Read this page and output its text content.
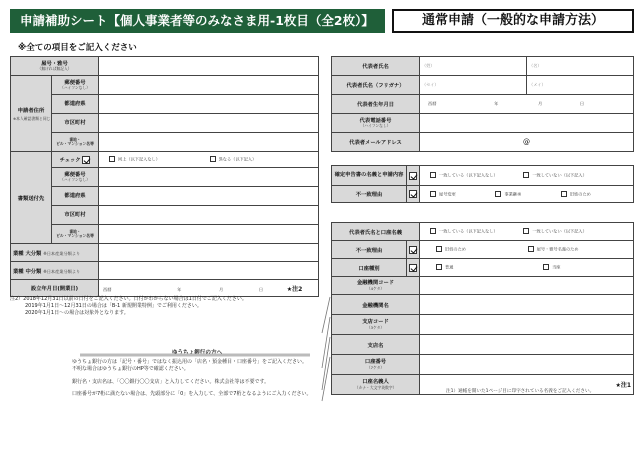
申請補助シート【個人事業者等のみなさま用-1枚目（全2枚）】	通常申請（一般的な申請方法）
※全ての項目をご記入ください
屋号・雅号
（無ければ無記入）		

申請者住所
※本人確認書類と同じ	郵便番号
（ハイフンなし）	

	都道府県	
	市区町村	

	番地・
ビル・マンション名等	

書類送付先	チェック	同上（以下記入なし） 異なる（以下記入）
	郵便番号
（ハイフンなし）	

	都道府県	
	市区町村	

	番地・
ビル・マンション名等	

業種 大分類 ※日本産業分類より		
業種 中分類 ※日本産業分類より		
設立年月日(開業日)		西暦 年 月 日 ★注2
代表者氏名	（姓）	（名）
代表者氏名（フリガナ）	（セイ）	（メイ）
代表者生年月日	西暦 年 月 日	
代表電話番号
（ハイフンなし）		

代表者メールアドレス	@	
確定申告書の名義と申請内容		一致している（以下記入なし） 一致していない（以下記入）
不一致理由		屋号変更 事業継承 旧姓のため
代表者氏名と口座名義		一致している（以下記入なし） 一致していない（以下記入）
不一致理由		旧姓のため 屋号・雅号名義のため
口座種別		普通 当座
金融機関コード
（4ケタ）		

金融機関名		
支店コード
（3ケタ）		

支店名		
口座番号
（7ケタ）		

口座名義人
（カナ・大文字英数字）		★注1
注2）2018年12月31日以前の日付をご記入ください。日付がわからない場合は1日付でご記入ください。
　　　2019年1月1日～12月31日の場合は「B-1 新規開業特例」でご利用ください。
　　　2020年1月1日～の場合は対象外となります。
ゆうちょ銀行の方へ
ゆうちょ銀行の方は「記号・番号」ではなく振込用の「店名・預金種目・口座番号」をご記入ください。
不明な場合はゆうちょ銀行のHP等で確認ください。
銀行名・支店名は、「〇〇銀行〇〇支店」と入力してください。株式会社等は不要です。
口座番号が7桁に満たない場合は、先頭部分に「0」を入力して、全部で7桁となるようにご入力ください。	注1）通帳を開いた1ページ目に印字されている名義をご記入ください。
